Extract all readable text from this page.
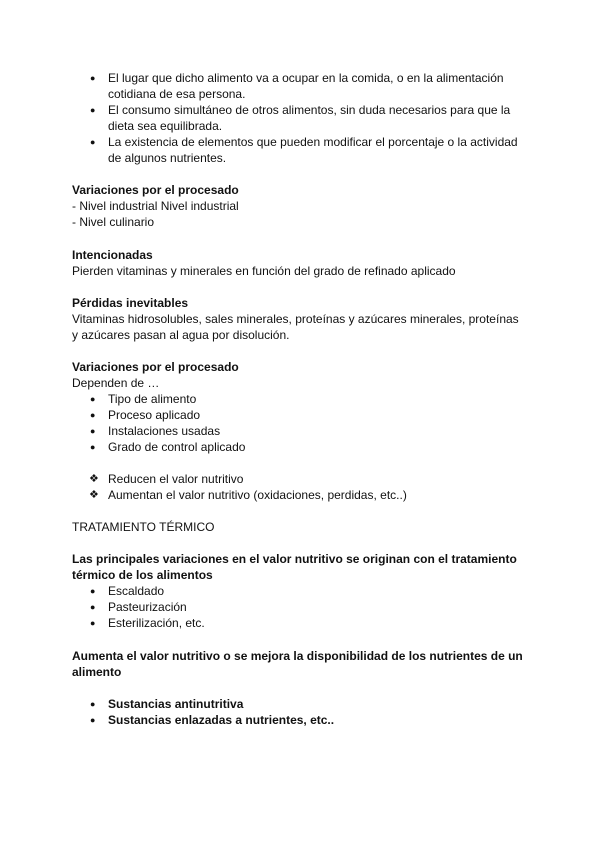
● El lugar que dicho alimento va a ocupar en la comida, o en la alimentación
cotidiana de esa persona.
● El consumo simultáneo de otros alimentos, sin duda necesarios para que la
dieta sea equilibrada.
● La existencia de elementos que pueden modificar el porcentaje o la actividad
de algunos nutrientes.
Variaciones por el procesado
- Nivel industrial Nivel industrial
- Nivel culinario
Intencionadas
Pierden vitaminas y minerales en función del grado de refinado aplicado
Pérdidas inevitables
Vitaminas hidrosolubles, sales minerales, proteínas y azúcares minerales, proteínas
y azúcares pasan al agua por disolución.
Variaciones por el procesado
Dependen de …
● Tipo de alimento
● Proceso aplicado
● Instalaciones usadas
● Grado de control aplicado
❖ Reducen el valor nutritivo
❖ Aumentan el valor nutritivo (oxidaciones, perdidas, etc..)
TRATAMIENTO TÉRMICO
Las principales variaciones en el valor nutritivo se originan con el tratamiento
térmico de los alimentos
● Escaldado
● Pasteurización
● Esterilización, etc.
Aumenta el valor nutritivo o se mejora la disponibilidad de los nutrientes de un
alimento
● Sustancias antinutritiva
● Sustancias enlazadas a nutrientes, etc..
